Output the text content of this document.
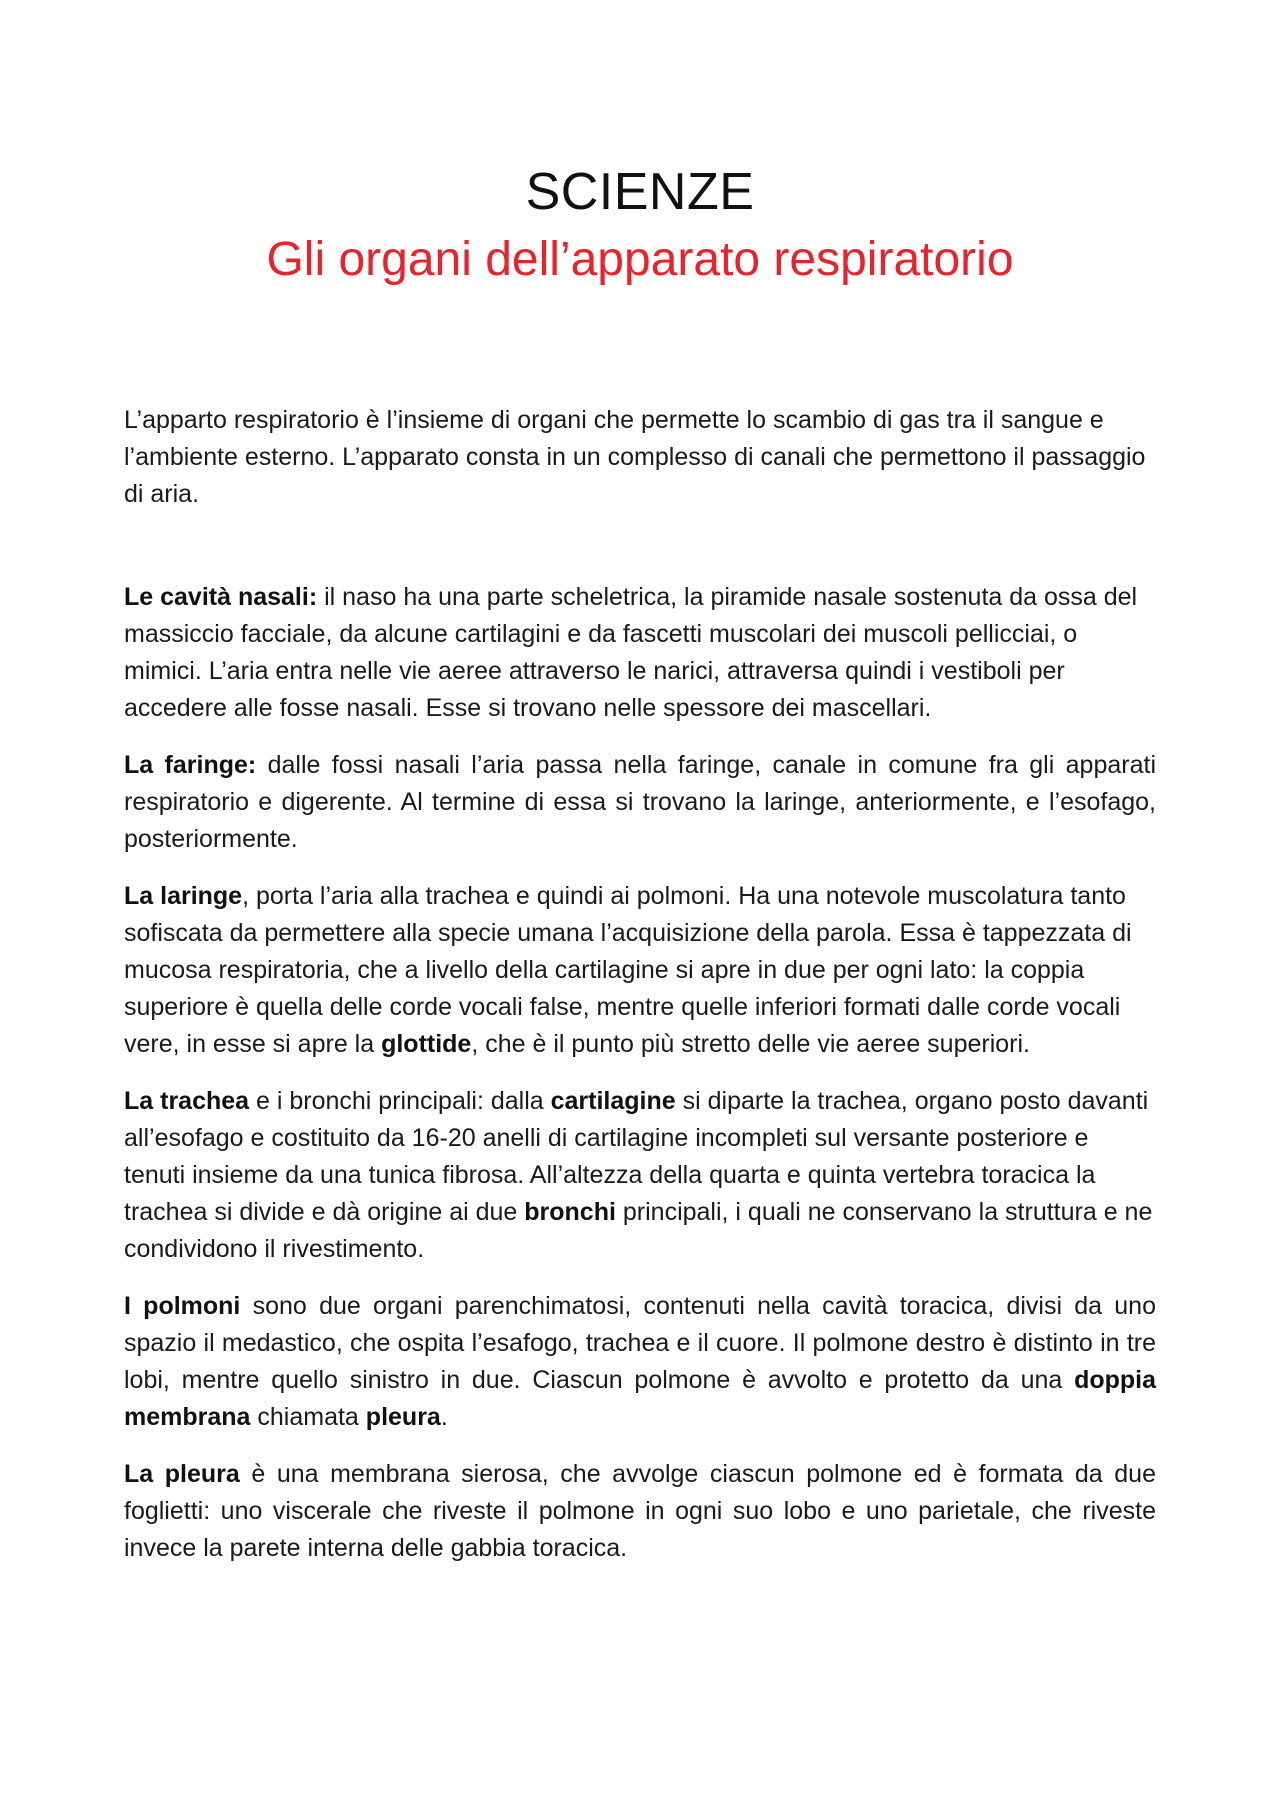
SCIENZE
Gli organi dell’apparato respiratorio

L’apparto respiratorio è l’insieme di organi che permette lo scambio di gas tra il sangue e l’ambiente esterno. L’apparato consta in un complesso di canali che permettono il passaggio di aria.

Le cavità nasali: il naso ha una parte scheletrica, la piramide nasale sostenuta da ossa del massiccio facciale, da alcune cartilagini e da fascetti muscolari dei muscoli pellicciai, o mimici. L’aria entra nelle vie aeree attraverso le narici, attraversa quindi i vestiboli per accedere alle fosse nasali. Esse si trovano nelle spessore dei mascellari.

La faringe: dalle fossi nasali l’aria passa nella faringe, canale in comune fra gli apparati respiratorio e digerente. Al termine di essa si trovano la laringe, anteriormente, e l’esofago, posteriormente.

La laringe, porta l’aria alla trachea e quindi ai polmoni. Ha una notevole muscolatura tanto sofiscata da permettere alla specie umana l’acquisizione della parola. Essa è tappezzata di mucosa respiratoria, che a livello della cartilagine si apre in due per ogni lato: la coppia superiore è quella delle corde vocali false, mentre quelle inferiori formati dalle corde vocali vere, in esse si apre la glottide, che è il punto più stretto delle vie aeree superiori.

La trachea e i bronchi principali: dalla cartilagine si diparte la trachea, organo posto davanti all’esofago e costituito da 16-20 anelli di cartilagine incompleti sul versante posteriore e tenuti insieme da una tunica fibrosa. All’altezza della quarta e quinta vertebra toracica la trachea si divide e dà origine ai due bronchi principali, i quali ne conservano la struttura e ne condividono il rivestimento.

I polmoni sono due organi parenchimatosi, contenuti nella cavità toracica, divisi da uno spazio il medastico, che ospita l’esafogo, trachea e il cuore. Il polmone destro è distinto in tre lobi, mentre quello sinistro in due. Ciascun polmone è avvolto e protetto da una doppia membrana chiamata pleura.

La pleura è una membrana sierosa, che avvolge ciascun polmone ed è formata da due foglietti: uno viscerale che riveste il polmone in ogni suo lobo e uno parietale, che riveste invece la parete interna delle gabbia toracica.
